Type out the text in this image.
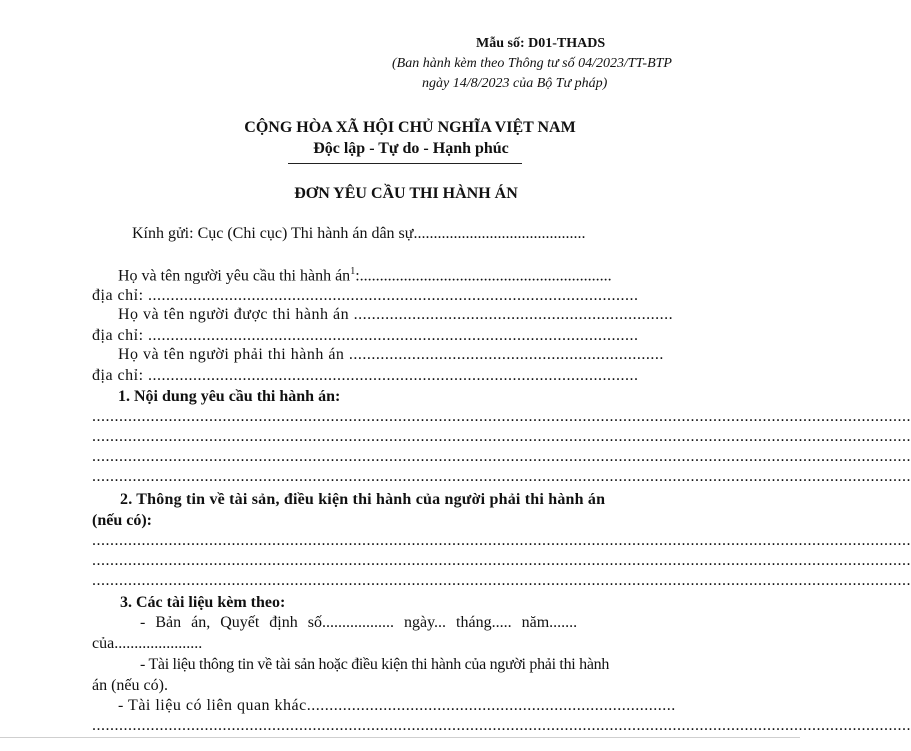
Mẫu số: D01-THADS
(Ban hành kèm theo Thông tư số 04/2023/TT-BTP
ngày 14/8/2023 của Bộ Tư pháp)
CỘNG HÒA XÃ HỘI CHỦ NGHĨA VIỆT NAM
Độc lập - Tự do - Hạnh phúc
ĐƠN YÊU CẦU THI HÀNH ÁN
Kính gửi: Cục (Chi cục) Thi hành án dân sự...........................................
Họ và tên người yêu cầu thi hành $án^1$:...............................................................
địa chỉ: .............................................................................................................
Họ và tên người được thi hành án .......................................................................
địa chỉ: .............................................................................................................
Họ và tên người phải thi hành án ......................................................................
địa chỉ: .............................................................................................................
1. Nội dung yêu cầu thi hành án:
......................................................................................................................................................................................
......................................................................................................................................................................................
......................................................................................................................................................................................
......................................................................................................................................................................................
2. Thông tin về tài sản, điều kiện thi hành của người phải thi hành án
(nếu có):
......................................................................................................................................................................................
......................................................................................................................................................................................
......................................................................................................................................................................................
3. Các tài liệu kèm theo:
- Bản án, Quyết định số.................. ngày... tháng..... năm.......
của......................
- Tài liệu thông tin về tài sản hoặc điều kiện thi hành của người phải thi hành
án (nếu có).
- Tài liệu có liên quan khác..................................................................................
......................................................................................................................................................................................
